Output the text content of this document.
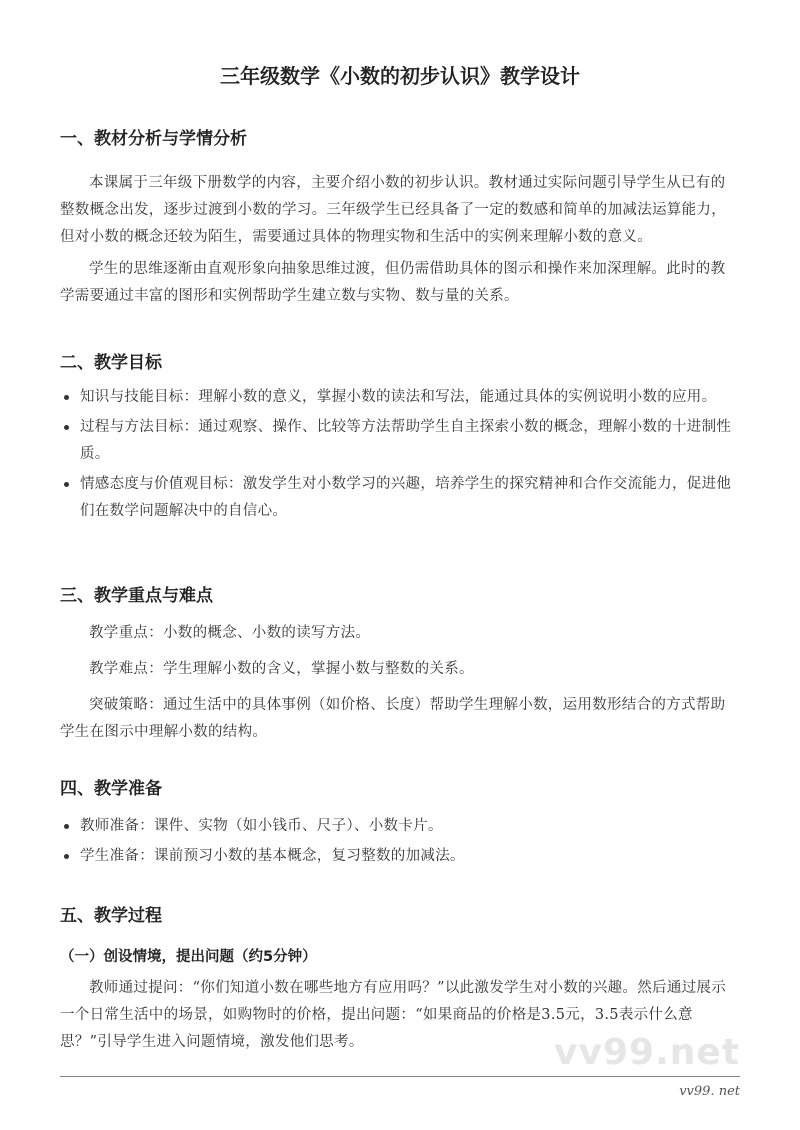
三年级数学《小数的初步认识》教学设计
一、教材分析与学情分析
本课属于三年级下册数学的内容，主要介绍小数的初步认识。教材通过实际问题引导学生从已有的整数概念出发，逐步过渡到小数的学习。三年级学生已经具备了一定的数感和简单的加减法运算能力，但对小数的概念还较为陌生，需要通过具体的物理实物和生活中的实例来理解小数的意义。
学生的思维逐渐由直观形象向抽象思维过渡，但仍需借助具体的图示和操作来加深理解。此时的教学需要通过丰富的图形和实例帮助学生建立数与实物、数与量的关系。
二、教学目标
知识与技能目标：理解小数的意义，掌握小数的读法和写法，能通过具体的实例说明小数的应用。
过程与方法目标：通过观察、操作、比较等方法帮助学生自主探索小数的概念，理解小数的十进制性质。
情感态度与价值观目标：激发学生对小数学习的兴趣，培养学生的探究精神和合作交流能力，促进他们在数学问题解决中的自信心。
三、教学重点与难点
教学重点：小数的概念、小数的读写方法。
教学难点：学生理解小数的含义，掌握小数与整数的关系。
突破策略：通过生活中的具体事例（如价格、长度）帮助学生理解小数，运用数形结合的方式帮助学生在图示中理解小数的结构。
四、教学准备
教师准备：课件、实物（如小钱币、尺子）、小数卡片。
学生准备：课前预习小数的基本概念，复习整数的加减法。
五、教学过程
（一）创设情境，提出问题（约5分钟）
教师通过提问：“你们知道小数在哪些地方有应用吗？”以此激发学生对小数的兴趣。然后通过展示一个日常生活中的场景，如购物时的价格，提出问题：“如果商品的价格是3.5元，3.5表示什么意思？”引导学生进入问题情境，激发他们思考。	vv99.net
vv99. net
